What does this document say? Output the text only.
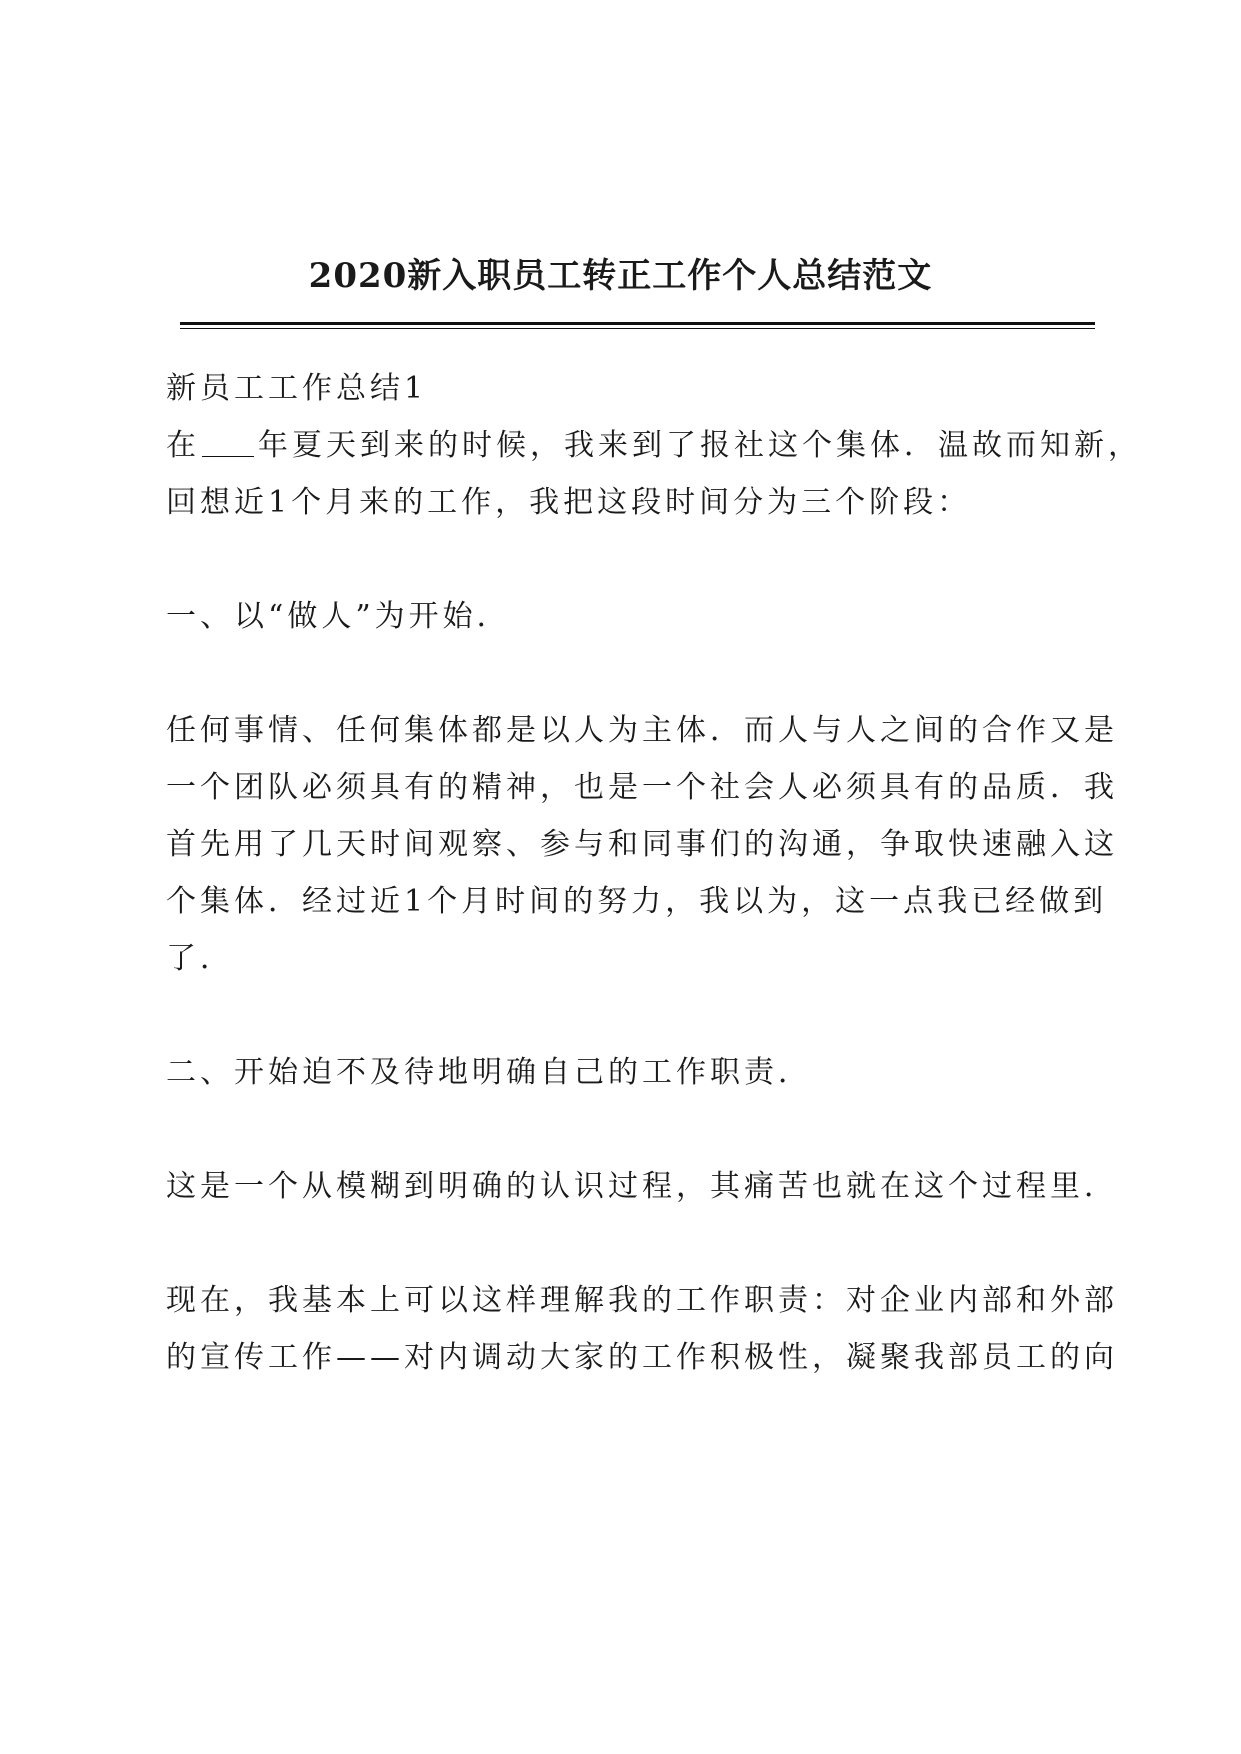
2020新入职员工转正工作个人总结范文
新员工工作总结1
在 年夏天到来的时候，我来到了报社这个集体．温故而知新，
回想近1个月来的工作，我把这段时间分为三个阶段：
一、以“做人”为开始．
任何事情、任何集体都是以人为主体．而人与人之间的合作又是
一个团队必须具有的精神，也是一个社会人必须具有的品质．我
首先用了几天时间观察、参与和同事们的沟通，争取快速融入这
个集体．经过近1个月时间的努力，我以为，这一点我已经做到
了．
二、开始迫不及待地明确自己的工作职责．
这是一个从模糊到明确的认识过程，其痛苦也就在这个过程里．
现在，我基本上可以这样理解我的工作职责：对企业内部和外部
的宣传工作——对内调动大家的工作积极性，凝聚我部员工的向
